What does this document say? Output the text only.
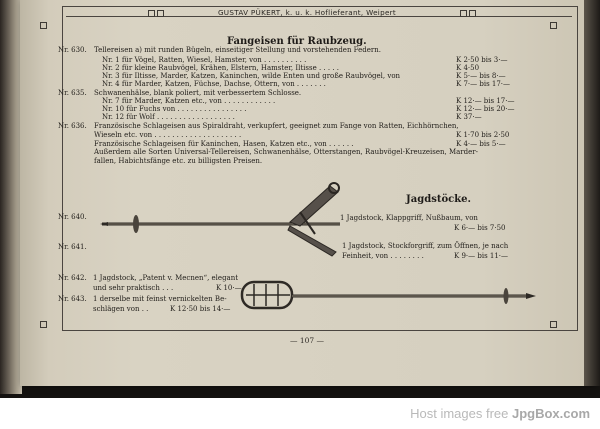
GUSTAV PÜKERT, k. u. k. Hoflieferant, Weipert
Fangeisen für Raubzeug.
Nr. 630. Tellereisen a) mit runden Bügeln, einseitiger Stellung und vorstehenden Federn.
Nr. 1 für Vögel, Ratten, Wiesel, Hamster, von . . . . . . . . . .	K 2·50 bis 3·—
Nr. 2 für kleine Raubvögel, Krähen, Elstern, Hamster, Iltisse . . . . .	K 4·50
Nr. 3 für Iltisse, Marder, Katzen, Kaninchen, wilde Enten und große Raubvögel, von	K 5·— bis 8·—
Nr. 4 für Marder, Katzen, Füchse, Dachse, Ottern, von . . . . . . .	K 7·— bis 17·—
Nr. 635. Schwanenhälse, blank poliert, mit verbessertem Schlosse.
Nr. 7 für Marder, Katzen etc., von . . . . . . . . . . . .	K 12·— bis 17·—
Nr. 10 für Fuchs von . . . . . . . . . . . . . . . .	K 12·— bis 20·—
Nr. 12 für Wolf . . . . . . . . . . . . . . . . . .	K 37·—
Nr. 636. Französische Schlageisen aus Spiraldraht, verkupfert, geeignet zum Fange von Ratten, Eichhörnchen,
Wieseln etc. von . . . . . . . . . . . . . . . . . . . .	K 1·70 bis 2·50
Französische Schlageisen für Kaninchen, Hasen, Katzen etc., von . . . . . .	K 4·— bis 5·—
Außerdem alle Sorten Universal-Tellereisen, Schwanenhälse, Otterstangen, Raubvögel-Kreuzeisen, Marder-
fallen, Habichtsfänge etc. zu billigsten Preisen.
Jagdstöcke.
Nr. 640.	1 Jagdstock, Klappgriff, Nußbaum, von
K 6·— bis 7·50
Nr. 641.	1 Jagdstock, Stockforgriff, zum Öffnen, je nach
Feinheit, von . . . . . . . .	K 9·— bis 11·—
Nr. 642. 1 Jagdstock, „Patent v. Mecnen“, elegant
und sehr praktisch . . .	K 10·—
Nr. 643. 1 derselbe mit feinst vernickelten Be-
schlägen von . .	K 12·50 bis 14·—
— 107 —
Host images free JpgBox.com
